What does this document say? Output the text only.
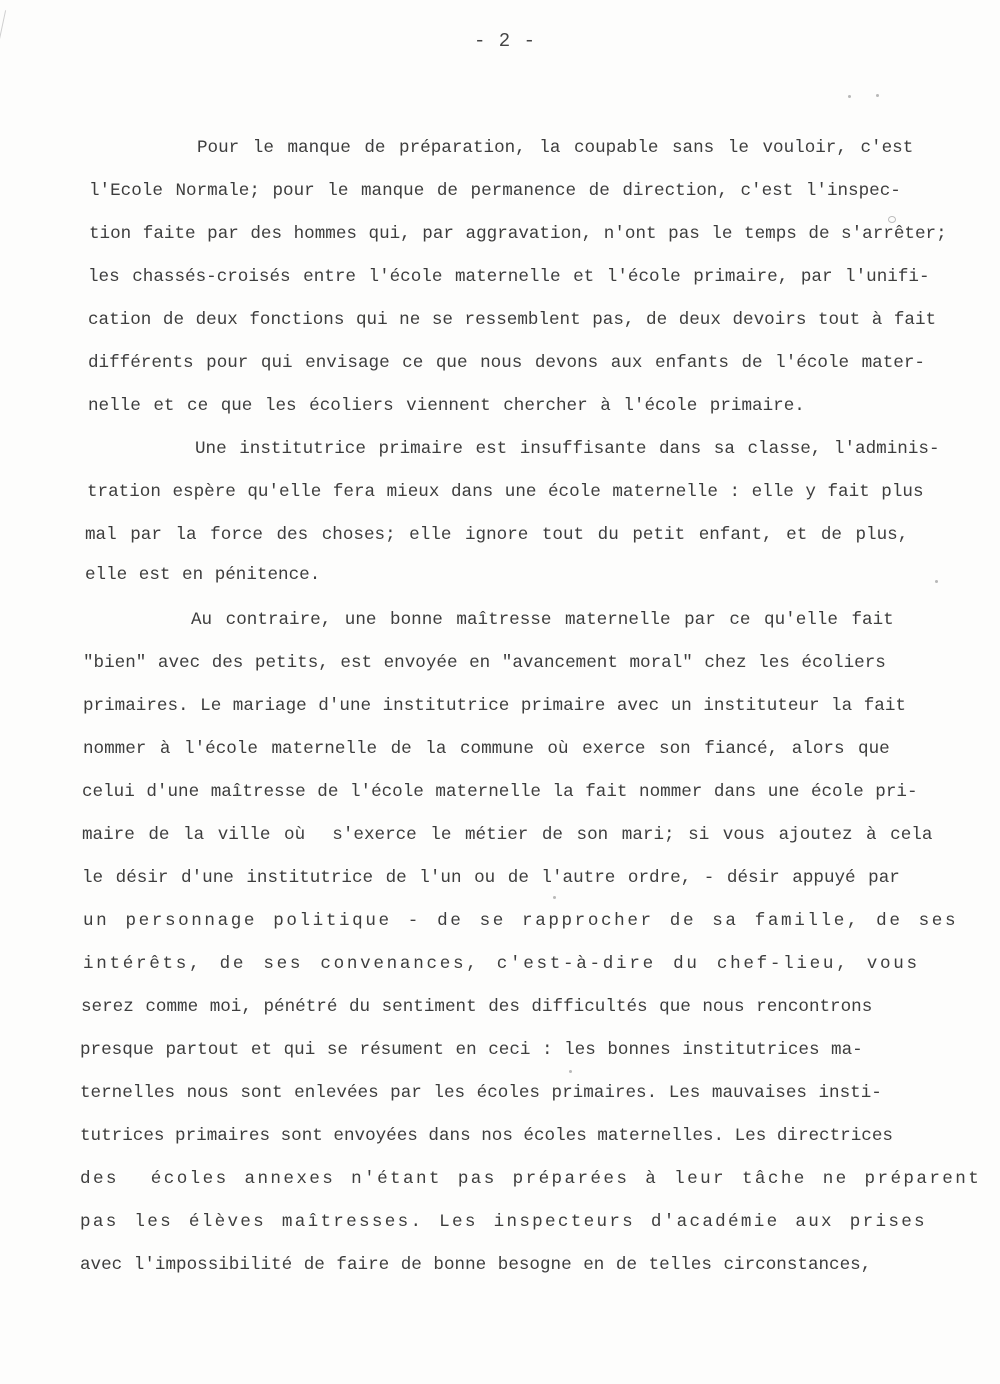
- 2 -
Pour le manque de préparation, la coupable sans le vouloir, c'est
l'Ecole Normale; pour le manque de permanence de direction, c'est l'inspec-
tion faite par des hommes qui, par aggravation, n'ont pas le temps de s'arrêter;
les chassés-croisés entre l'école maternelle et l'école primaire, par l'unifi-
cation de deux fonctions qui ne se ressemblent pas, de deux devoirs tout à fait
différents pour qui envisage ce que nous devons aux enfants de l'école mater-
nelle et ce que les écoliers viennent chercher à l'école primaire.
Une institutrice primaire est insuffisante dans sa classe, l'adminis-
tration espère qu'elle fera mieux dans une école maternelle : elle y fait plus
mal par la force des choses; elle ignore tout du petit enfant, et de plus,
elle est en pénitence.
Au contraire, une bonne maîtresse maternelle par ce qu'elle fait
"bien" avec des petits, est envoyée en "avancement moral" chez les écoliers
primaires. Le mariage d'une institutrice primaire avec un instituteur la fait
nommer à l'école maternelle de la commune où exerce son fiancé, alors que
celui d'une maîtresse de l'école maternelle la fait nommer dans une école pri-
maire de la ville où  s'exerce le métier de son mari; si vous ajoutez à cela
le désir d'une institutrice de l'un ou de l'autre ordre, - désir appuyé par
un personnage politique - de se rapprocher de sa famille, de ses
intérêts, de ses convenances, c'est-à-dire du chef-lieu, vous
serez comme moi, pénétré du sentiment des difficultés que nous rencontrons
presque partout et qui se résument en ceci : les bonnes institutrices ma-
ternelles nous sont enlevées par les écoles primaires. Les mauvaises insti-
tutrices primaires sont envoyées dans nos écoles maternelles. Les directrices
des  écoles annexes n'étant pas préparées à leur tâche ne préparent
pas les élèves maîtresses. Les inspecteurs d'académie aux prises
avec l'impossibilité de faire de bonne besogne en de telles circonstances,
